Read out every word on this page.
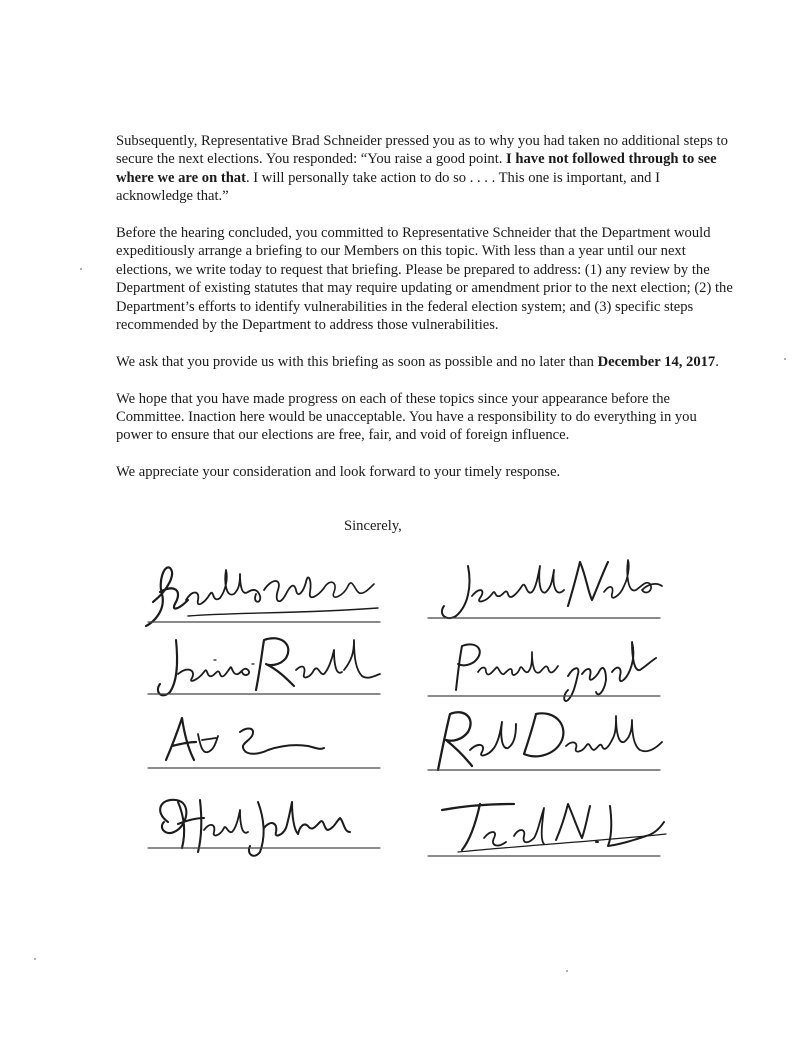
Subsequently, Representative Brad Schneider pressed you as to why you had taken no additional steps to secure the next elections. You responded: “You raise a good point. I have not followed through to see where we are on that. I will personally take action to do so . . . . This one is important, and I acknowledge that.”

Before the hearing concluded, you committed to Representative Schneider that the Department would expeditiously arrange a briefing to our Members on this topic. With less than a year until our next elections, we write today to request that briefing. Please be prepared to address: (1) any review by the Department of existing statutes that may require updating or amendment prior to the next election; (2) the Department’s efforts to identify vulnerabilities in the federal election system; and (3) specific steps recommended by the Department to address those vulnerabilities.

We ask that you provide us with this briefing as soon as possible and no later than December 14, 2017.

We hope that you have made progress on each of these topics since your appearance before the Committee. Inaction here would be unacceptable. You have a responsibility to do everything in you power to ensure that our elections are free, fair, and void of foreign influence.

We appreciate your consideration and look forward to your timely response.

Sincerely,
